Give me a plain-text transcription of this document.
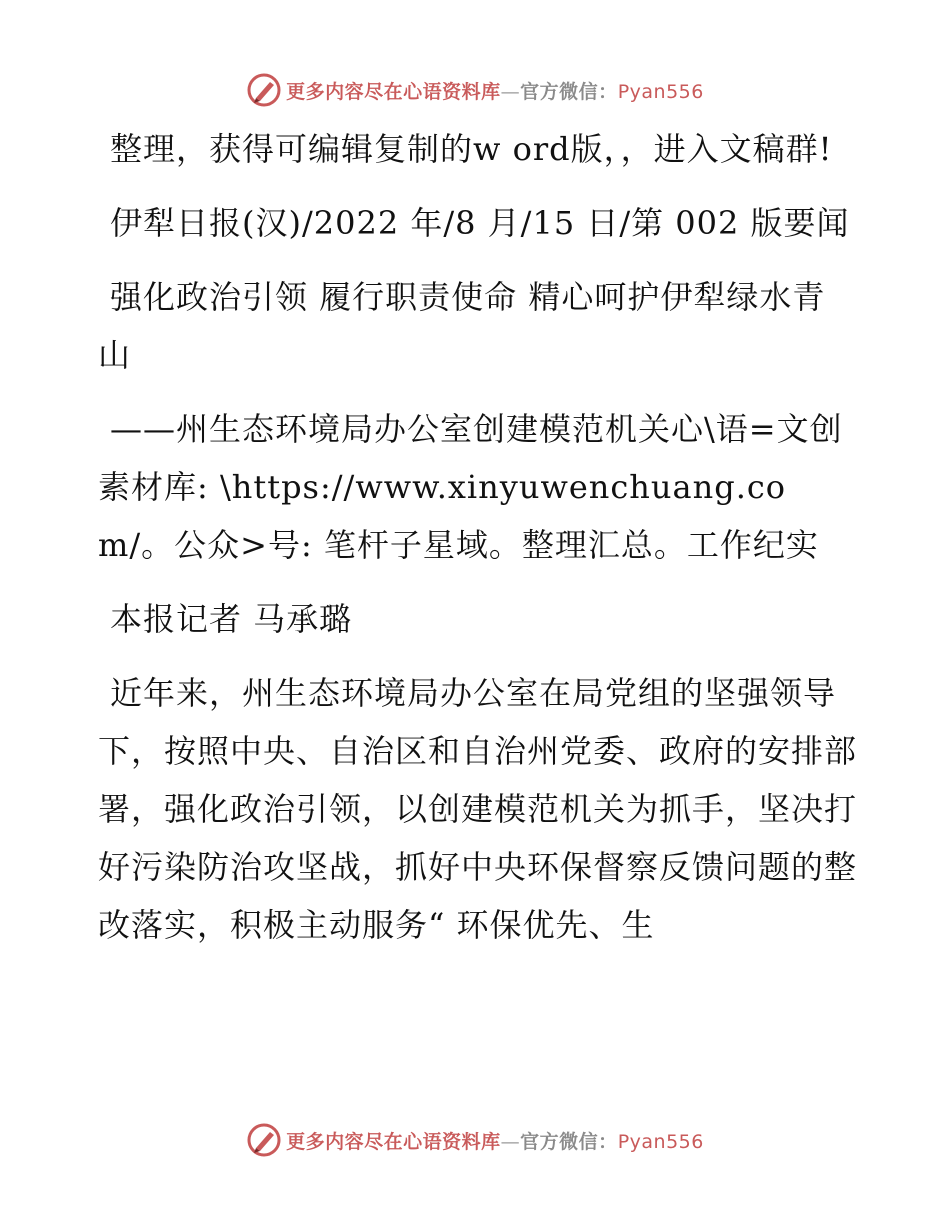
更多内容尽在心语资料库—官方微信：Pyan556

整理，获得可编辑复制的w ord版，，进入文稿群!

伊犁日报(汉)/2022 年/8 月/15 日/第 002 版要闻

强化政治引领 履行职责使命 精心呵护伊犁绿水青山

——州生态环境局办公室创建模范机关心\语=文创素材库: \https://www.xinyuwenchuang.com/。公众>号: 笔杆子星域。整理汇总。工作纪实

本报记者 马承璐

近年来，州生态环境局办公室在局党组的坚强领导下，按照中央、自治区和自治州党委、政府的安排部署，强化政治引领，以创建模范机关为抓手，坚决打好污染防治攻坚战，抓好中央环保督察反馈问题的整改落实，积极主动服务“ 环保优先、生

更多内容尽在心语资料库—官方微信：Pyan556
